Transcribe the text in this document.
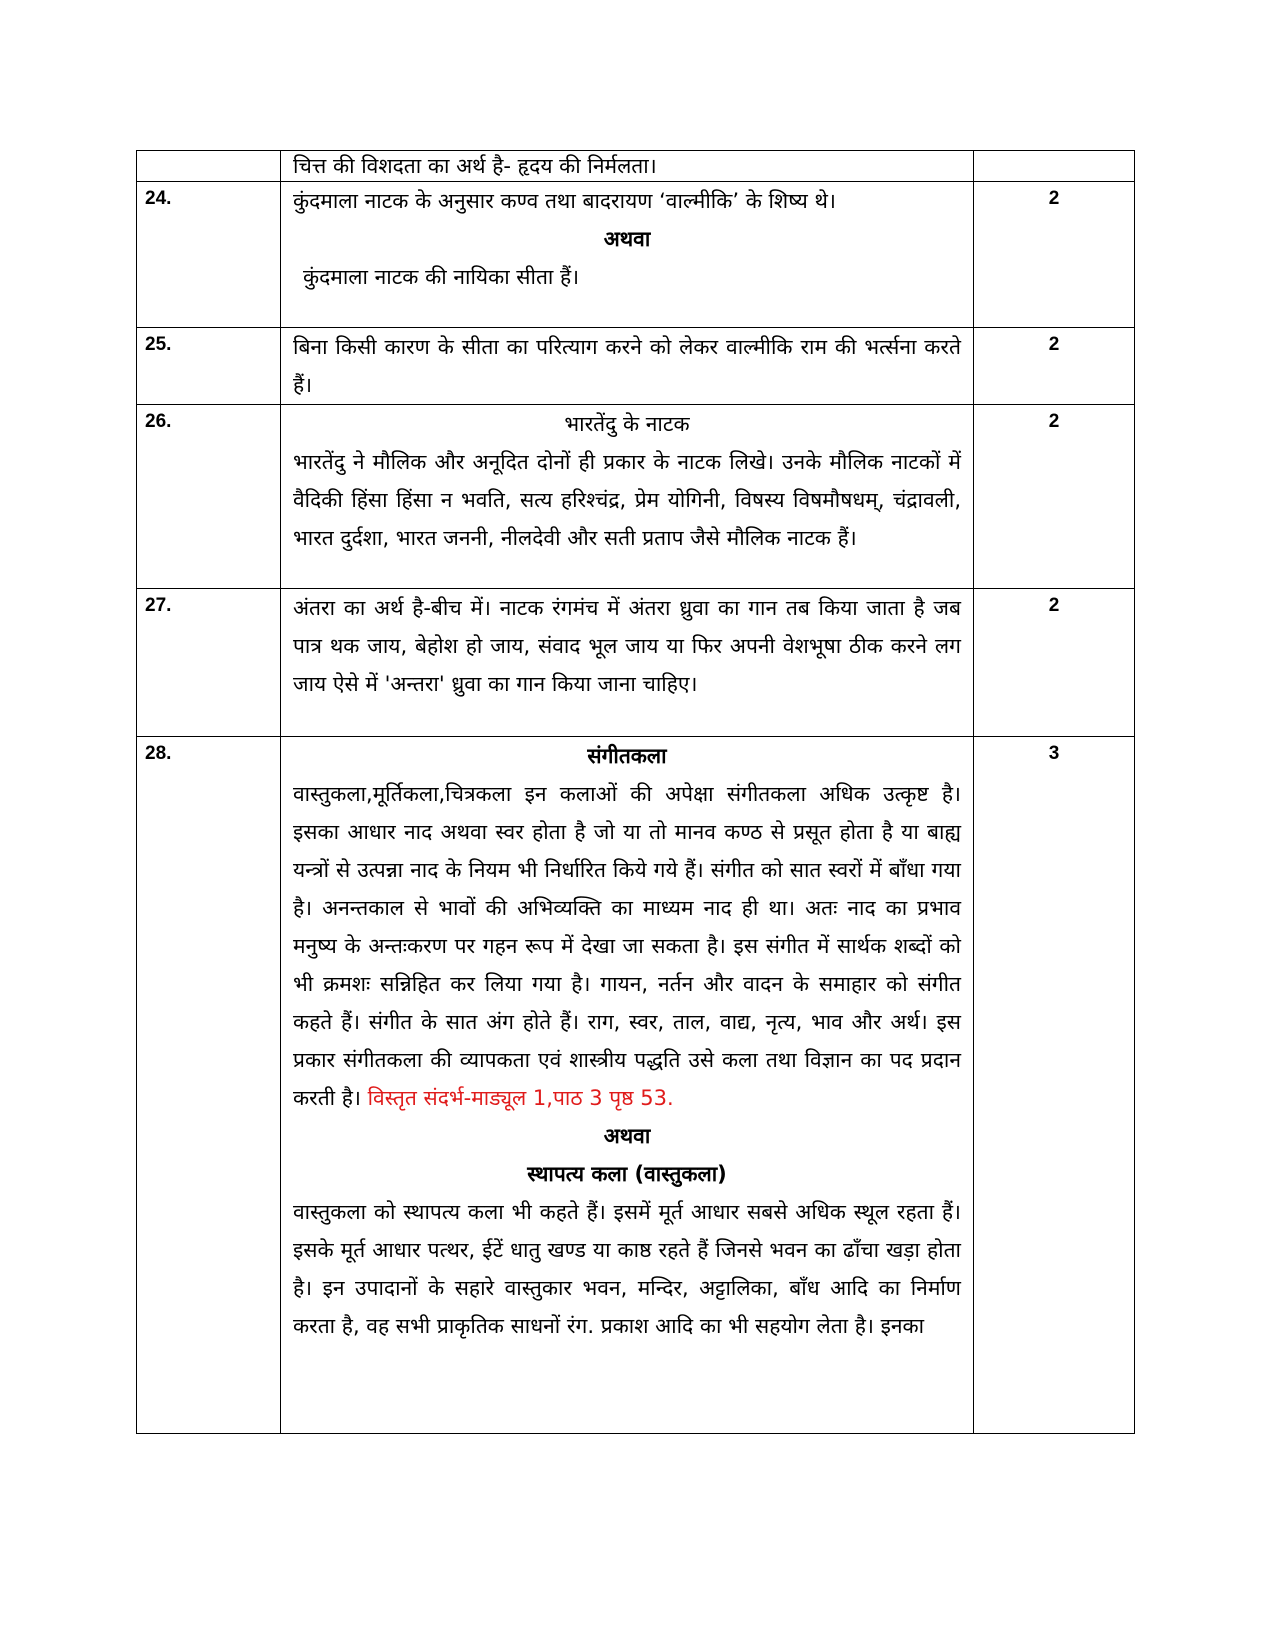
	चित्त की विशदता का अर्थ है- हृदय की निर्मलता।	

24.	कुंदमाला नाटक के अनुसार कण्व तथा बादरायण ‘वाल्मीकि’ के शिष्य थे।

अथवा

कुंदमाला नाटक की नायिका सीता हैं।	2
25.	बिना किसी कारण के सीता का परित्याग करने को लेकर वाल्मीकि राम की भर्त्सना करते हैं।	2
26.	भारतेंदु के नाटक

भारतेंदु ने मौलिक और अनूदित दोनों ही प्रकार के नाटक लिखे। उनके मौलिक नाटकों में वैदिकी हिंसा हिंसा न भवति, सत्य हरिश्चंद्र, प्रेम योगिनी, विषस्य विषमौषधम्, चंद्रावली, भारत दुर्दशा, भारत जननी, नीलदेवी और सती प्रताप जैसे मौलिक नाटक हैं।	2
27.	अंतरा का अर्थ है-बीच में। नाटक रंगमंच में अंतरा ध्रुवा का गान तब किया जाता है जब पात्र थक जाय, बेहोश हो जाय, संवाद भूल जाय या फिर अपनी वेशभूषा ठीक करने लग जाय ऐसे में 'अन्तरा' ध्रुवा का गान किया जाना चाहिए।	2
28.	संगीतकला

वास्तुकला,मूर्तिकला,चित्रकला इन कलाओं की अपेक्षा संगीतकला अधिक उत्कृष्ट है। इसका आधार नाद अथवा स्वर होता है जो या तो मानव कण्ठ से प्रसूत होता है या बाह्य यन्त्रों से उत्पन्ना नाद के नियम भी निर्धारित किये गये हैं। संगीत को सात स्वरों में बाँधा गया है। अनन्तकाल से भावों की अभिव्यक्ति का माध्यम नाद ही था। अतः नाद का प्रभाव मनुष्य के अन्तःकरण पर गहन रूप में देखा जा सकता है। इस संगीत में सार्थक शब्दों को भी क्रमशः सन्निहित कर लिया गया है। गायन, नर्तन और वादन के समाहार को संगीत कहते हैं। संगीत के सात अंग होते हैं। राग, स्वर, ताल, वाद्य, नृत्य, भाव और अर्थ। इस प्रकार संगीतकला की व्यापकता एवं शास्त्रीय पद्धति उसे कला तथा विज्ञान का पद प्रदान करती है। विस्तृत संदर्भ-माड्यूल 1,पाठ 3 पृष्ठ 53.

अथवा

स्थापत्य कला (वास्तुकला)

वास्तुकला को स्थापत्य कला भी कहते हैं। इसमें मूर्त आधार सबसे अधिक स्थूल रहता हैं। इसके मूर्त आधार पत्थर, ईटें धातु खण्ड या काष्ठ रहते हैं जिनसे भवन का ढाँचा खड़ा होता है। इन उपादानों के सहारे वास्तुकार भवन, मन्दिर, अट्टालिका, बाँध आदि का निर्माण करता है, वह सभी प्राकृतिक साधनों रंग. प्रकाश आदि का भी सहयोग लेता है। इनका	3
